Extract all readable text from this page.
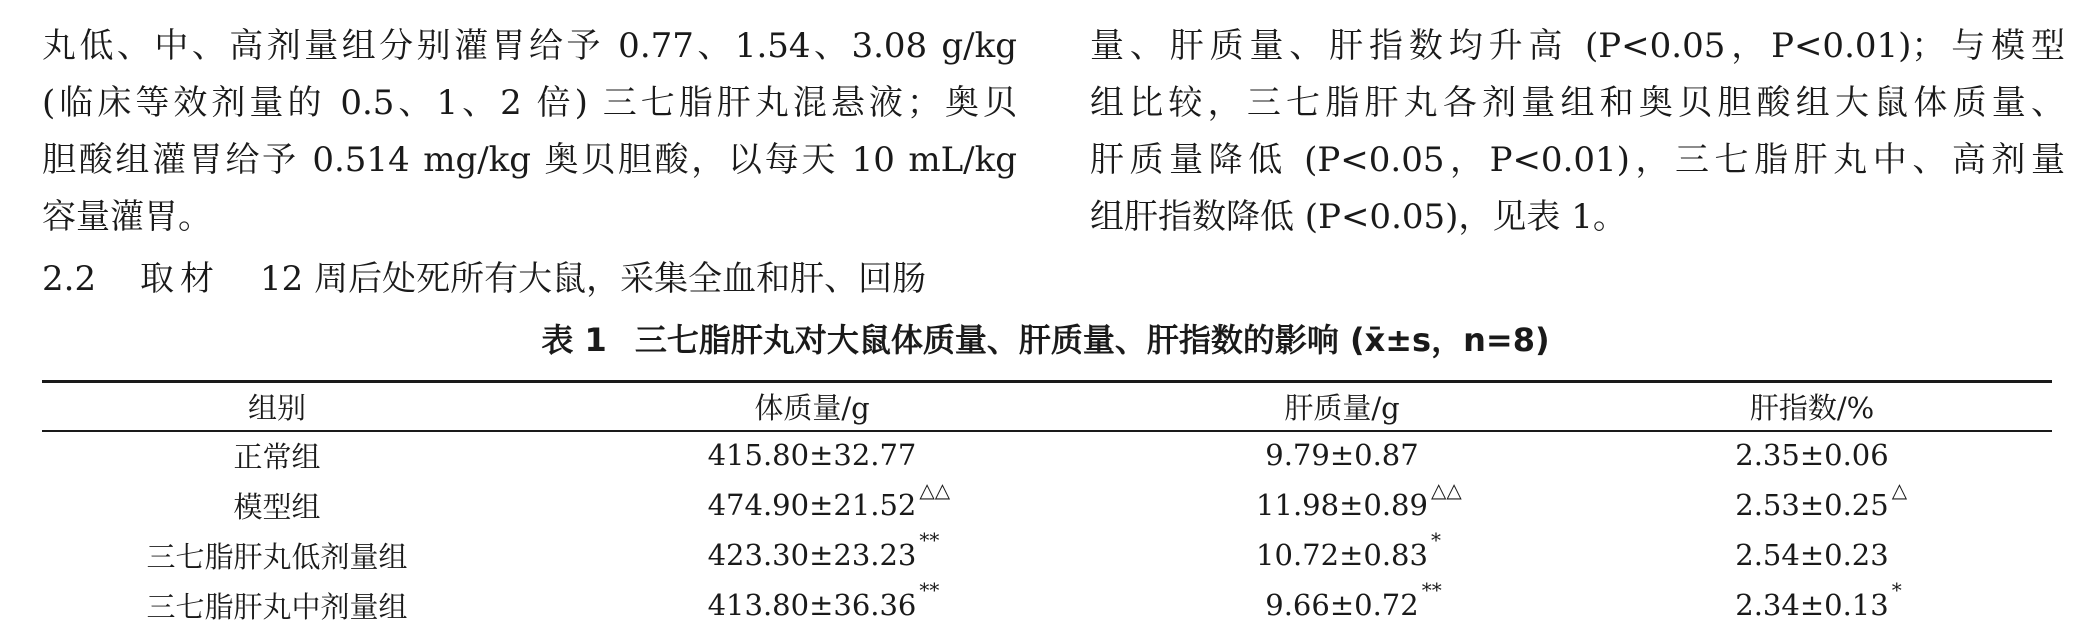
丸低、中、高剂量组分别灌胃给予 0.77、1.54、3.08 g/kg
(临床等效剂量的 0.5、1、2 倍) 三七脂肝丸混悬液；奥贝
胆酸组灌胃给予 0.514 mg/kg 奥贝胆酸，以每天 10 mL/kg
容量灌胃。
2.2 取材 12 周后处死所有大鼠，采集全血和肝、回肠
量、肝质量、肝指数均升高 (P<0.05，P<0.01)；与模型
组比较，三七脂肝丸各剂量组和奥贝胆酸组大鼠体质量、
肝质量降低 (P<0.05，P<0.01)，三七脂肝丸中、高剂量
组肝指数降低 (P<0.05)，见表 1。
表 1 三七脂肝丸对大鼠体质量、肝质量、肝指数的影响 (x̄±s，n=8)
组别	体质量/g	肝质量/g	肝指数/%
正常组	415.80±32.77	9.79±0.87	2.35±0.06

模型组	474.90±21.52 △△	11.98±0.89 △△	2.53±0.25 △

三七脂肝丸低剂量组	423.30±23.23 **	10.72±0.83 *	2.54±0.23

三七脂肝丸中剂量组	413.80±36.36 **	9.66±0.72 **	2.34±0.13 *
